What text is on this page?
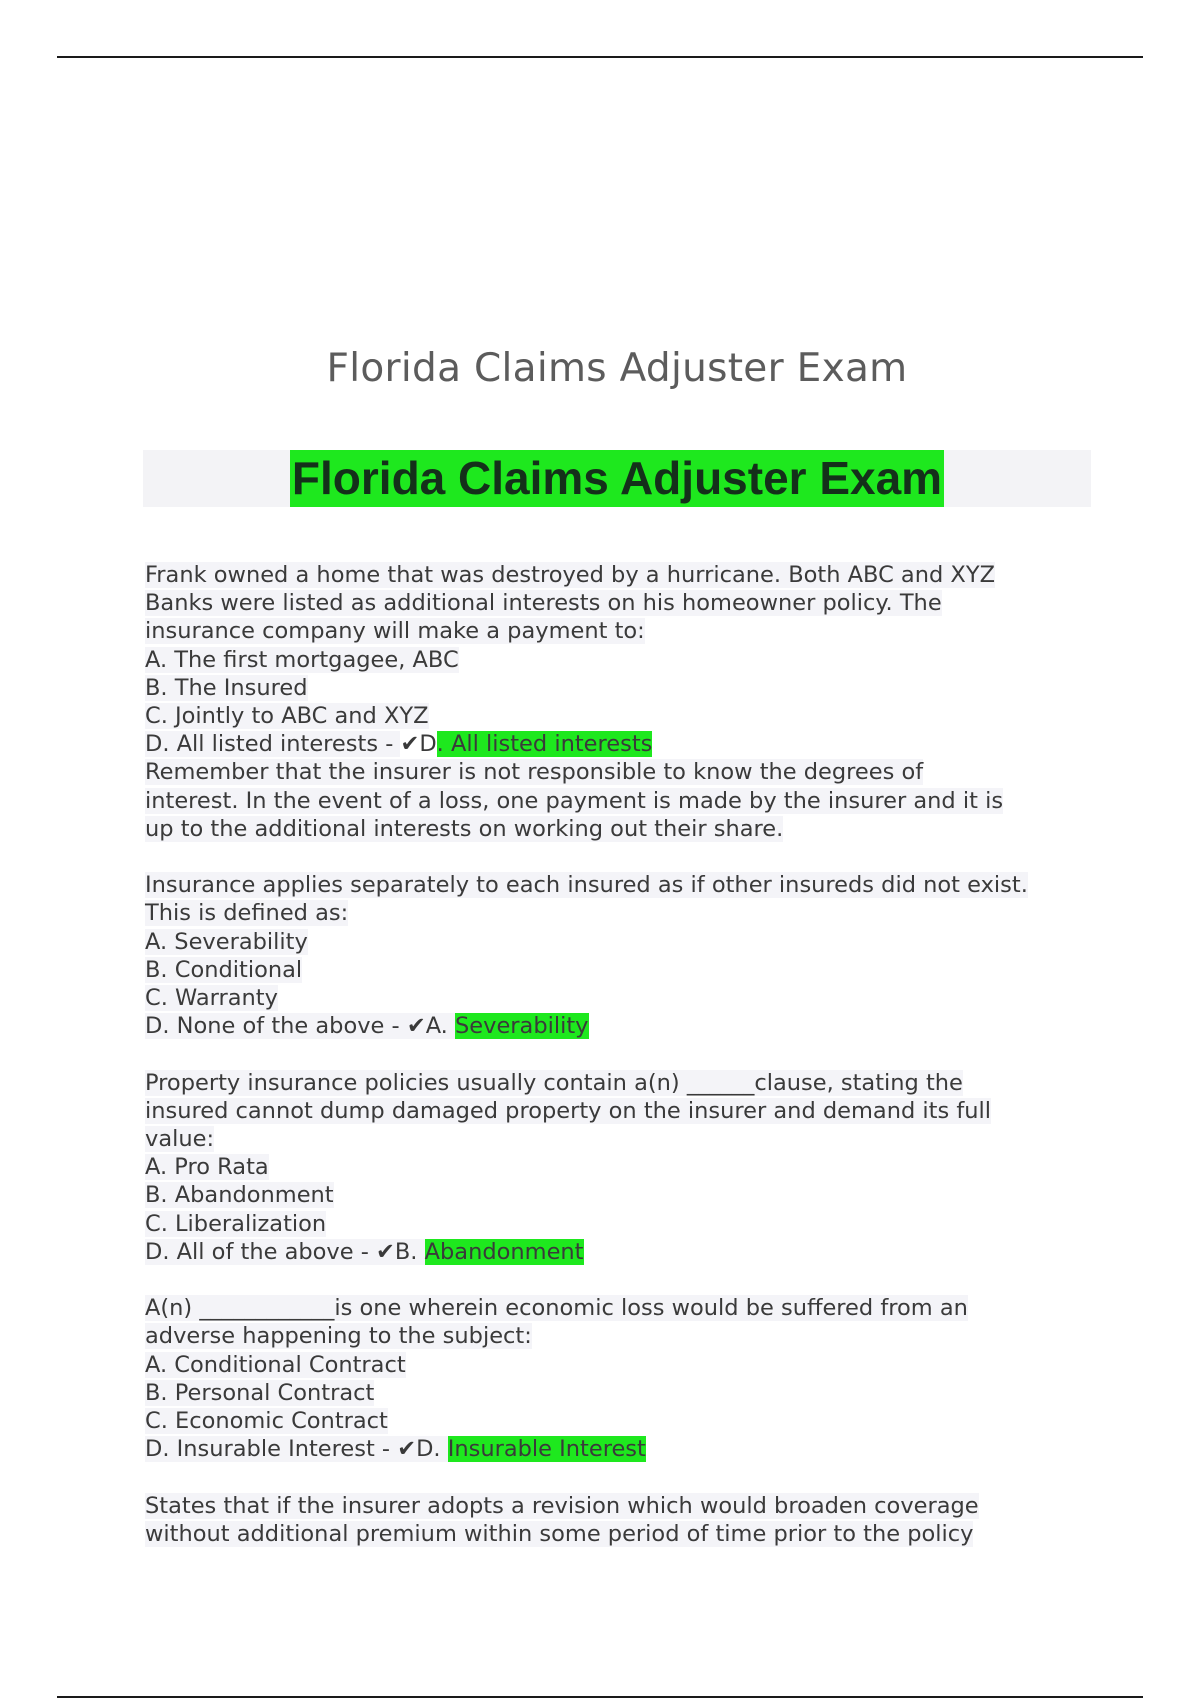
Florida Claims Adjuster Exam
Florida Claims Adjuster Exam
Frank owned a home that was destroyed by a hurricane. Both ABC and XYZ
Banks were listed as additional interests on his homeowner policy. The
insurance company will make a payment to:
A. The first mortgagee, ABC
B. The Insured
C. Jointly to ABC and XYZ
D. All listed interests - ✔D. All listed interests
Remember that the insurer is not responsible to know the degrees of
interest. In the event of a loss, one payment is made by the insurer and it is
up to the additional interests on working out their share.
Insurance applies separately to each insured as if other insureds did not exist.
This is defined as:
A. Severability
B. Conditional
C. Warranty
D. None of the above - ✔A. Severability
Property insurance policies usually contain a(n) ______clause, stating the
insured cannot dump damaged property on the insurer and demand its full
value:
A. Pro Rata
B. Abandonment
C. Liberalization
D. All of the above - ✔B. Abandonment
A(n) ____________is one wherein economic loss would be suffered from an
adverse happening to the subject:
A. Conditional Contract
B. Personal Contract
C. Economic Contract
D. Insurable Interest - ✔D. Insurable Interest
States that if the insurer adopts a revision which would broaden coverage
without additional premium within some period of time prior to the policy
